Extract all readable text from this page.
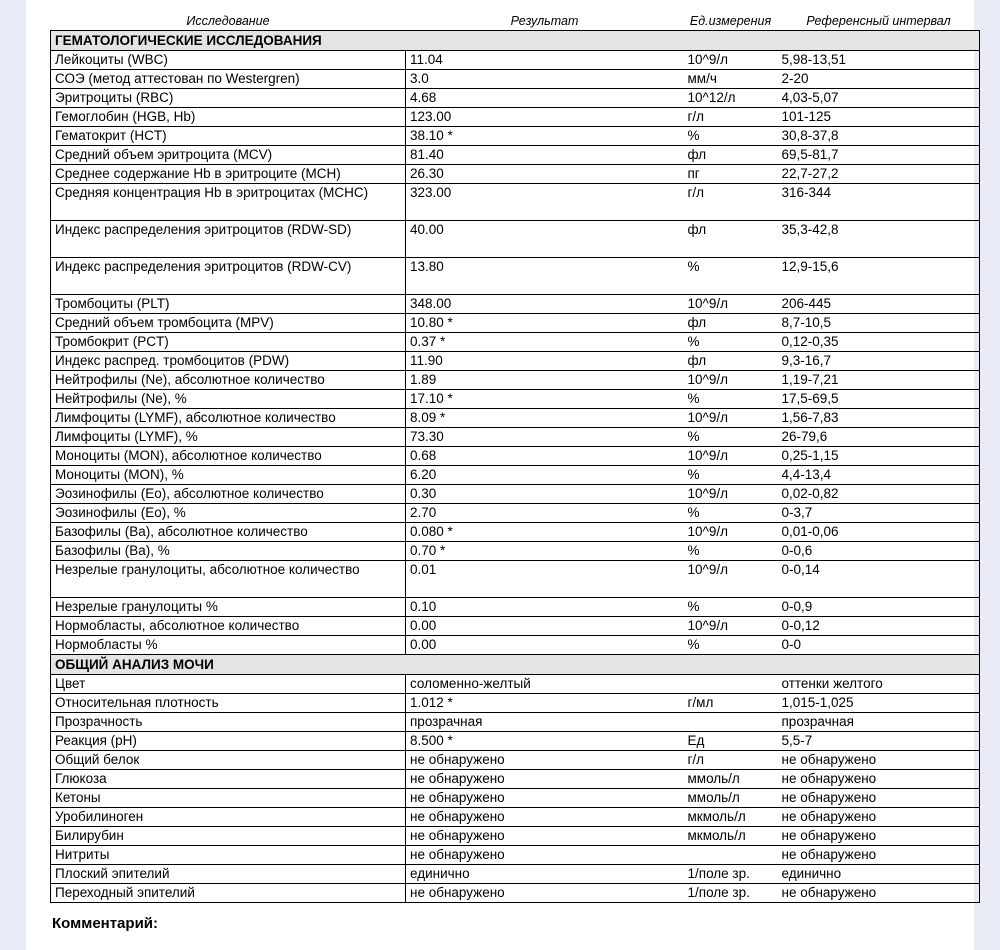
Исследование	Результат	Ед.измерения	Референсный интервал
ГЕМАТОЛОГИЧЕСКИЕ ИССЛЕДОВАНИЯ			
Лейкоциты (WBC)	11.04	10^9/л	5,98-13,51
СОЭ (метод аттестован по Westergren)	3.0	мм/ч	2-20
Эритроциты (RBC)	4.68	10^12/л	4,03-5,07
Гемоглобин (HGB, Hb)	123.00	г/л	101-125
Гематокрит (HCT)	38.10 *	%	30,8-37,8
Средний объем эритроцита (MCV)	81.40	фл	69,5-81,7
Среднее содержание Hb в эритроците (MCH)	26.30	пг	22,7-27,2
Средняя концентрация Hb в эритроцитах (MCHC)	323.00	г/л	316-344
Индекс распределения эритроцитов (RDW-SD)	40.00	фл	35,3-42,8
Индекс распределения эритроцитов (RDW-CV)	13.80	%	12,9-15,6
Тромбоциты (PLT)	348.00	10^9/л	206-445
Средний объем тромбоцита (MPV)	10.80 *	фл	8,7-10,5
Тромбокрит (PCT)	0.37 *	%	0,12-0,35
Индекс распред. тромбоцитов (PDW)	11.90	фл	9,3-16,7
Нейтрофилы (Ne), абсолютное количество	1.89	10^9/л	1,19-7,21
Нейтрофилы (Ne), %	17.10 *	%	17,5-69,5
Лимфоциты (LYMF), абсолютное количество	8.09 *	10^9/л	1,56-7,83
Лимфоциты (LYMF), %	73.30	%	26-79,6
Моноциты (MON), абсолютное количество	0.68	10^9/л	0,25-1,15
Моноциты (MON), %	6.20	%	4,4-13,4
Эозинофилы (Eo), абсолютное количество	0.30	10^9/л	0,02-0,82
Эозинофилы (Eo), %	2.70	%	0-3,7
Базофилы (Ba), абсолютное количество	0.080 *	10^9/л	0,01-0,06
Базофилы (Ba), %	0.70 *	%	0-0,6
Незрелые гранулоциты, абсолютное количество	0.01	10^9/л	0-0,14
Незрелые гранулоциты %	0.10	%	0-0,9
Нормобласты, абсолютное количество	0.00	10^9/л	0-0,12
Нормобласты %	0.00	%	0-0
ОБЩИЙ АНАЛИЗ МОЧИ			
Цвет	соломенно-желтый		оттенки желтого
Относительная плотность	1.012 *	г/мл	1,015-1,025
Прозрачность	прозрачная		прозрачная
Реакция (pH)	8.500 *	Ед	5,5-7
Общий белок	не обнаружено	г/л	не обнаружено
Глюкоза	не обнаружено	ммоль/л	не обнаружено
Кетоны	не обнаружено	ммоль/л	не обнаружено
Уробилиноген	не обнаружено	мкмоль/л	не обнаружено
Билирубин	не обнаружено	мкмоль/л	не обнаружено
Нитриты	не обнаружено		не обнаружено
Плоский эпителий	единично	1/поле зр.	единично
Переходный эпителий	не обнаружено	1/поле зр.	не обнаружено
Комментарий:
